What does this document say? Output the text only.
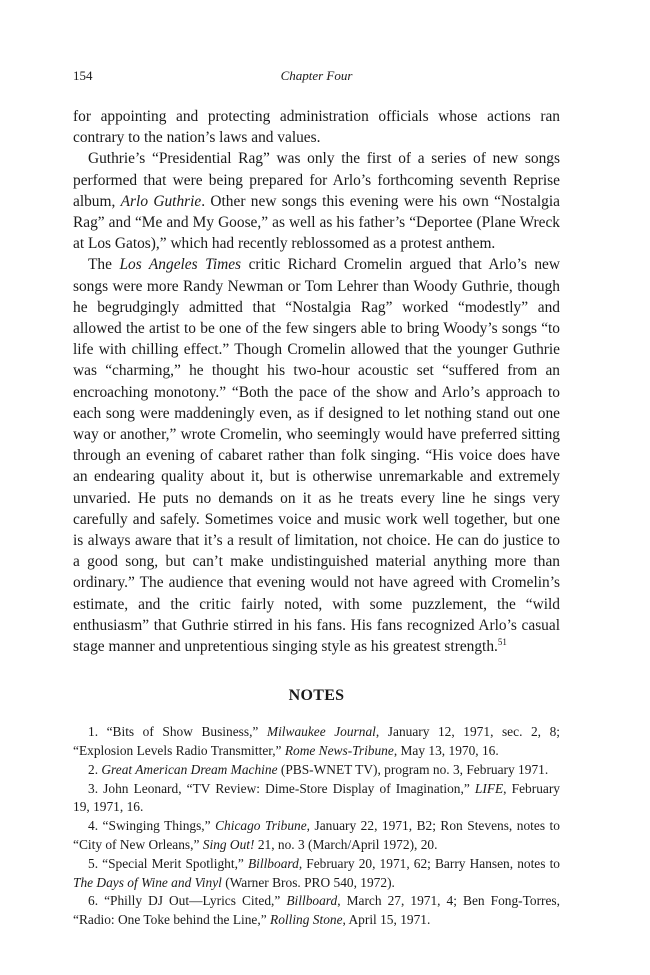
154	Chapter Four

for appointing and protecting administration officials whose actions ran contrary to the nation’s laws and values.

Guthrie’s “Presidential Rag” was only the first of a series of new songs performed that were being prepared for Arlo’s forthcoming seventh Reprise album, Arlo Guthrie. Other new songs this evening were his own “Nostalgia Rag” and “Me and My Goose,” as well as his father’s “Deportee (Plane Wreck at Los Gatos),” which had recently reblossomed as a protest anthem.

The Los Angeles Times critic Richard Cromelin argued that Arlo’s new songs were more Randy Newman or Tom Lehrer than Woody Guthrie, though he begrudgingly admitted that “Nostalgia Rag” worked “modestly” and allowed the artist to be one of the few singers able to bring Woody’s songs “to life with chilling effect.” Though Cromelin allowed that the younger Guthrie was “charming,” he thought his two-hour acoustic set “suffered from an encroaching monotony.” “Both the pace of the show and Arlo’s approach to each song were maddeningly even, as if designed to let nothing stand out one way or another,” wrote Cromelin, who seemingly would have preferred sitting through an evening of cabaret rather than folk singing. “His voice does have an endearing quality about it, but is otherwise unremarkable and extremely unvaried. He puts no demands on it as he treats every line he sings very carefully and safely. Sometimes voice and music work well together, but one is always aware that it’s a result of limitation, not choice. He can do justice to a good song, but can’t make undistinguished material anything more than ordinary.” The audience that evening would not have agreed with Cromelin’s estimate, and the critic fairly noted, with some puzzlement, the “wild enthusiasm” that Guthrie stirred in his fans. His fans recognized Arlo’s casual stage manner and unpretentious singing style as his greatest strength.$^{51}$

NOTES

1. “Bits of Show Business,” Milwaukee Journal, January 12, 1971, sec. 2, 8; “Explosion Levels Radio Transmitter,” Rome News-Tribune, May 13, 1970, 16.

2. Great American Dream Machine (PBS-WNET TV), program no. 3, February 1971.

3. John Leonard, “TV Review: Dime-Store Display of Imagination,” LIFE, February 19, 1971, 16.

4. “Swinging Things,” Chicago Tribune, January 22, 1971, B2; Ron Stevens, notes to “City of New Orleans,” Sing Out! 21, no. 3 (March/April 1972), 20.

5. “Special Merit Spotlight,” Billboard, February 20, 1971, 62; Barry Hansen, notes to The Days of Wine and Vinyl (Warner Bros. PRO 540, 1972).

6. “Philly DJ Out—Lyrics Cited,” Billboard, March 27, 1971, 4; Ben Fong-Torres, “Radio: One Toke behind the Line,” Rolling Stone, April 15, 1971.
